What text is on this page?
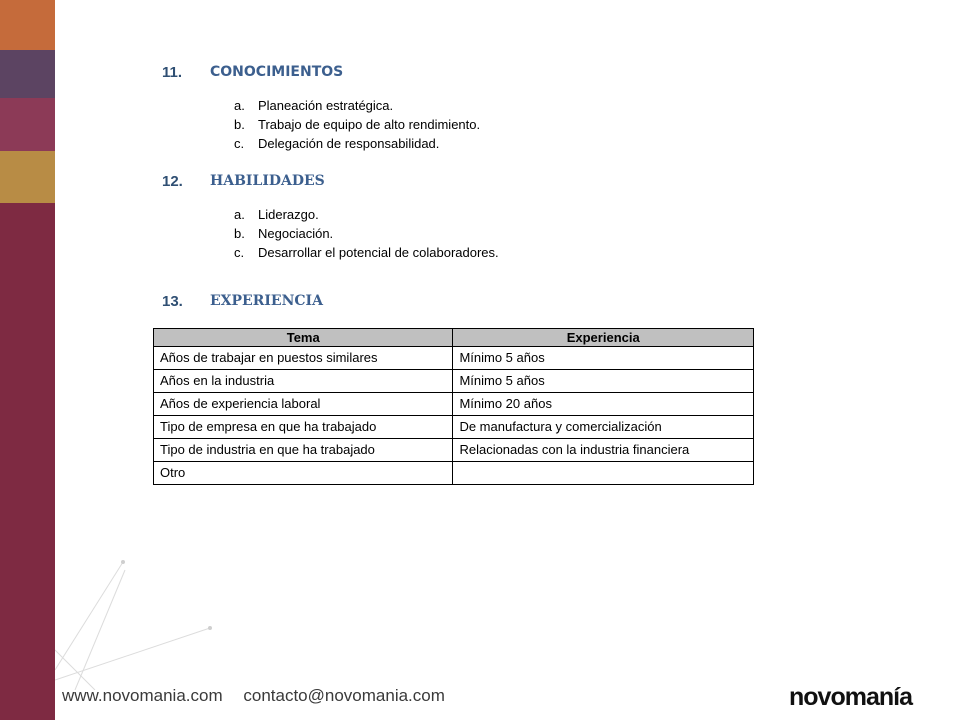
11. CONOCIMIENTOS
a. Planeación estratégica.
b. Trabajo de equipo de alto rendimiento.
c. Delegación de responsabilidad.
12. HABILIDADES
a. Liderazgo.
b. Negociación.
c. Desarrollar el potencial de colaboradores.
13. EXPERIENCIA
Tema	Experiencia
Años de trabajar en puestos similares	Mínimo 5 años
Años en la industria	Mínimo 5 años
Años de experiencia laboral	Mínimo 20 años
Tipo de empresa en que ha trabajado	De manufactura y comercialización
Tipo de industria en que ha trabajado	Relacionadas con la industria financiera
Otro	
www.novomania.com contacto@novomania.com	novomanía
